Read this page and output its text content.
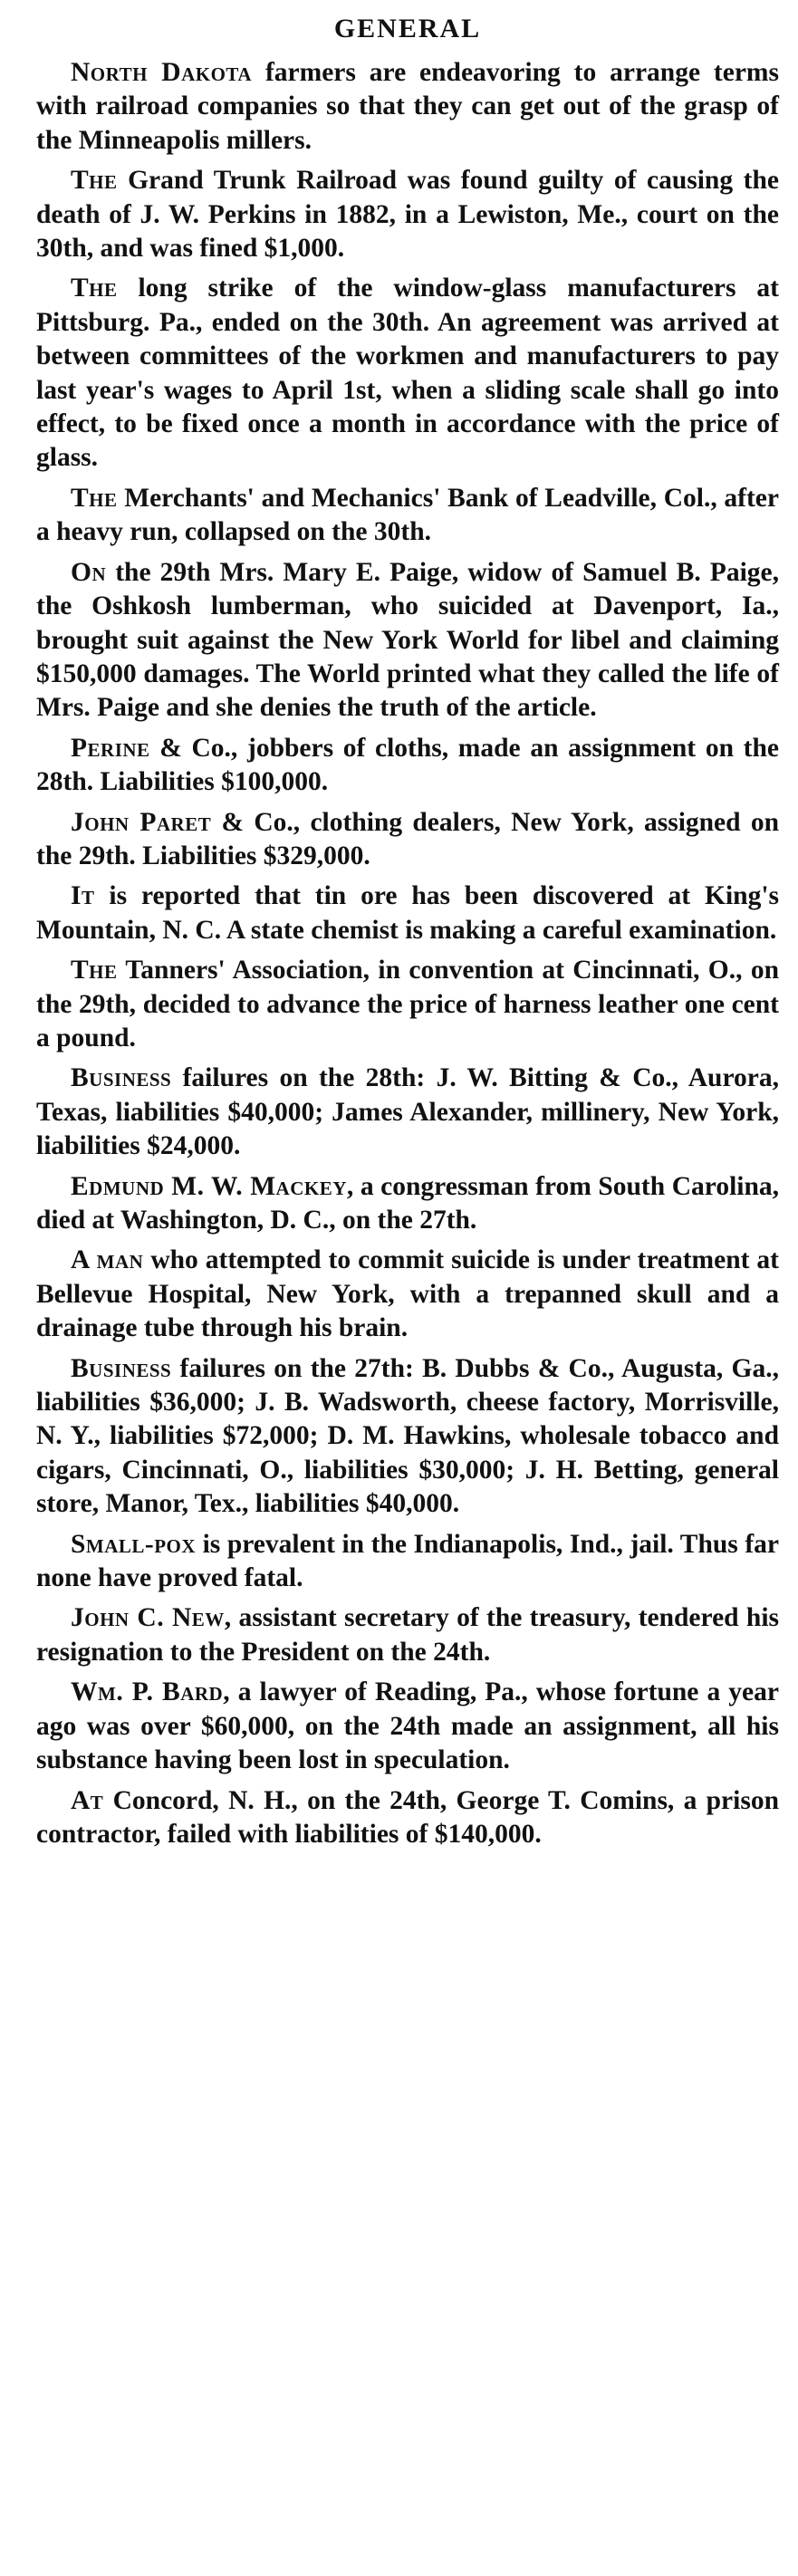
GENERAL

North Dakota farmers are endeavoring to arrange terms with railroad companies so that they can get out of the grasp of the Minneapolis millers.

The Grand Trunk Railroad was found guilty of causing the death of J. W. Perkins in 1882, in a Lewiston, Me., court on the 30th, and was fined $1,000.

The long strike of the window-glass manufacturers at Pittsburg. Pa., ended on the 30th. An agreement was arrived at between committees of the workmen and manufacturers to pay last year's wages to April 1st, when a sliding scale shall go into effect, to be fixed once a month in accordance with the price of glass.

The Merchants' and Mechanics' Bank of Leadville, Col., after a heavy run, collapsed on the 30th.

On the 29th Mrs. Mary E. Paige, widow of Samuel B. Paige, the Oshkosh lumberman, who suicided at Davenport, Ia., brought suit against the New York World for libel and claiming $150,000 damages. The World printed what they called the life of Mrs. Paige and she denies the truth of the article.

Perine & Co., jobbers of cloths, made an assignment on the 28th. Liabilities $100,000.

John Paret & Co., clothing dealers, New York, assigned on the 29th. Liabilities $329,000.

It is reported that tin ore has been discovered at King's Mountain, N. C. A state chemist is making a careful examination.

The Tanners' Association, in convention at Cincinnati, O., on the 29th, decided to advance the price of harness leather one cent a pound.

Business failures on the 28th: J. W. Bitting & Co., Aurora, Texas, liabilities $40,000; James Alexander, millinery, New York, liabilities $24,000.

Edmund M. W. Mackey, a congressman from South Carolina, died at Washington, D. C., on the 27th.

A man who attempted to commit suicide is under treatment at Bellevue Hospital, New York, with a trepanned skull and a drainage tube through his brain.

Business failures on the 27th: B. Dubbs & Co., Augusta, Ga., liabilities $36,000; J. B. Wadsworth, cheese factory, Morrisville, N. Y., liabilities $72,000; D. M. Hawkins, wholesale tobacco and cigars, Cincinnati, O., liabilities $30,000; J. H. Betting, general store, Manor, Tex., liabilities $40,000.

Small-pox is prevalent in the Indianapolis, Ind., jail. Thus far none have proved fatal.

John C. New, assistant secretary of the treasury, tendered his resignation to the President on the 24th.

Wm. P. Bard, a lawyer of Reading, Pa., whose fortune a year ago was over $60,000, on the 24th made an assignment, all his substance having been lost in speculation.

At Concord, N. H., on the 24th, George T. Comins, a prison contractor, failed with liabilities of $140,000.
